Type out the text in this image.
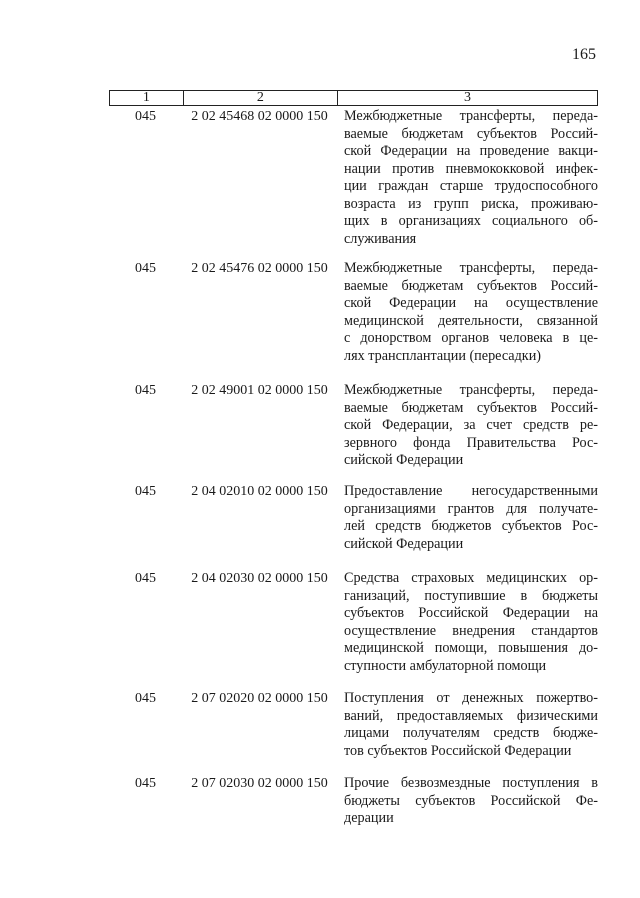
165
1	2	3
045	2 02 45468 02 0000 150	Межбюджетные трансферты, переда-
ваемые бюджетам субъектов Россий-
ской Федерации на проведение вакци-
нации против пневмококковой инфек-
ции граждан старше трудоспособного
возраста из групп риска, проживаю-
щих в организациях социального об-
служивания
045	2 02 45476 02 0000 150	Межбюджетные трансферты, переда-
ваемые бюджетам субъектов Россий-
ской Федерации на осуществление
медицинской деятельности, связанной
с донорством органов человека в це-
лях трансплантации (пересадки)
045	2 02 49001 02 0000 150	Межбюджетные трансферты, переда-
ваемые бюджетам субъектов Россий-
ской Федерации, за счет средств ре-
зервного фонда Правительства Рос-
сийской Федерации
045	2 04 02010 02 0000 150	Предоставление негосударственными
организациями грантов для получате-
лей средств бюджетов субъектов Рос-
сийской Федерации
045	2 04 02030 02 0000 150	Средства страховых медицинских ор-
ганизаций, поступившие в бюджеты
субъектов Российской Федерации на
осуществление внедрения стандартов
медицинской помощи, повышения до-
ступности амбулаторной помощи
045	2 07 02020 02 0000 150	Поступления от денежных пожертво-
ваний, предоставляемых физическими
лицами получателям средств бюдже-
тов субъектов Российской Федерации
045	2 07 02030 02 0000 150	Прочие безвозмездные поступления в
бюджеты субъектов Российской Фе-
дерации
